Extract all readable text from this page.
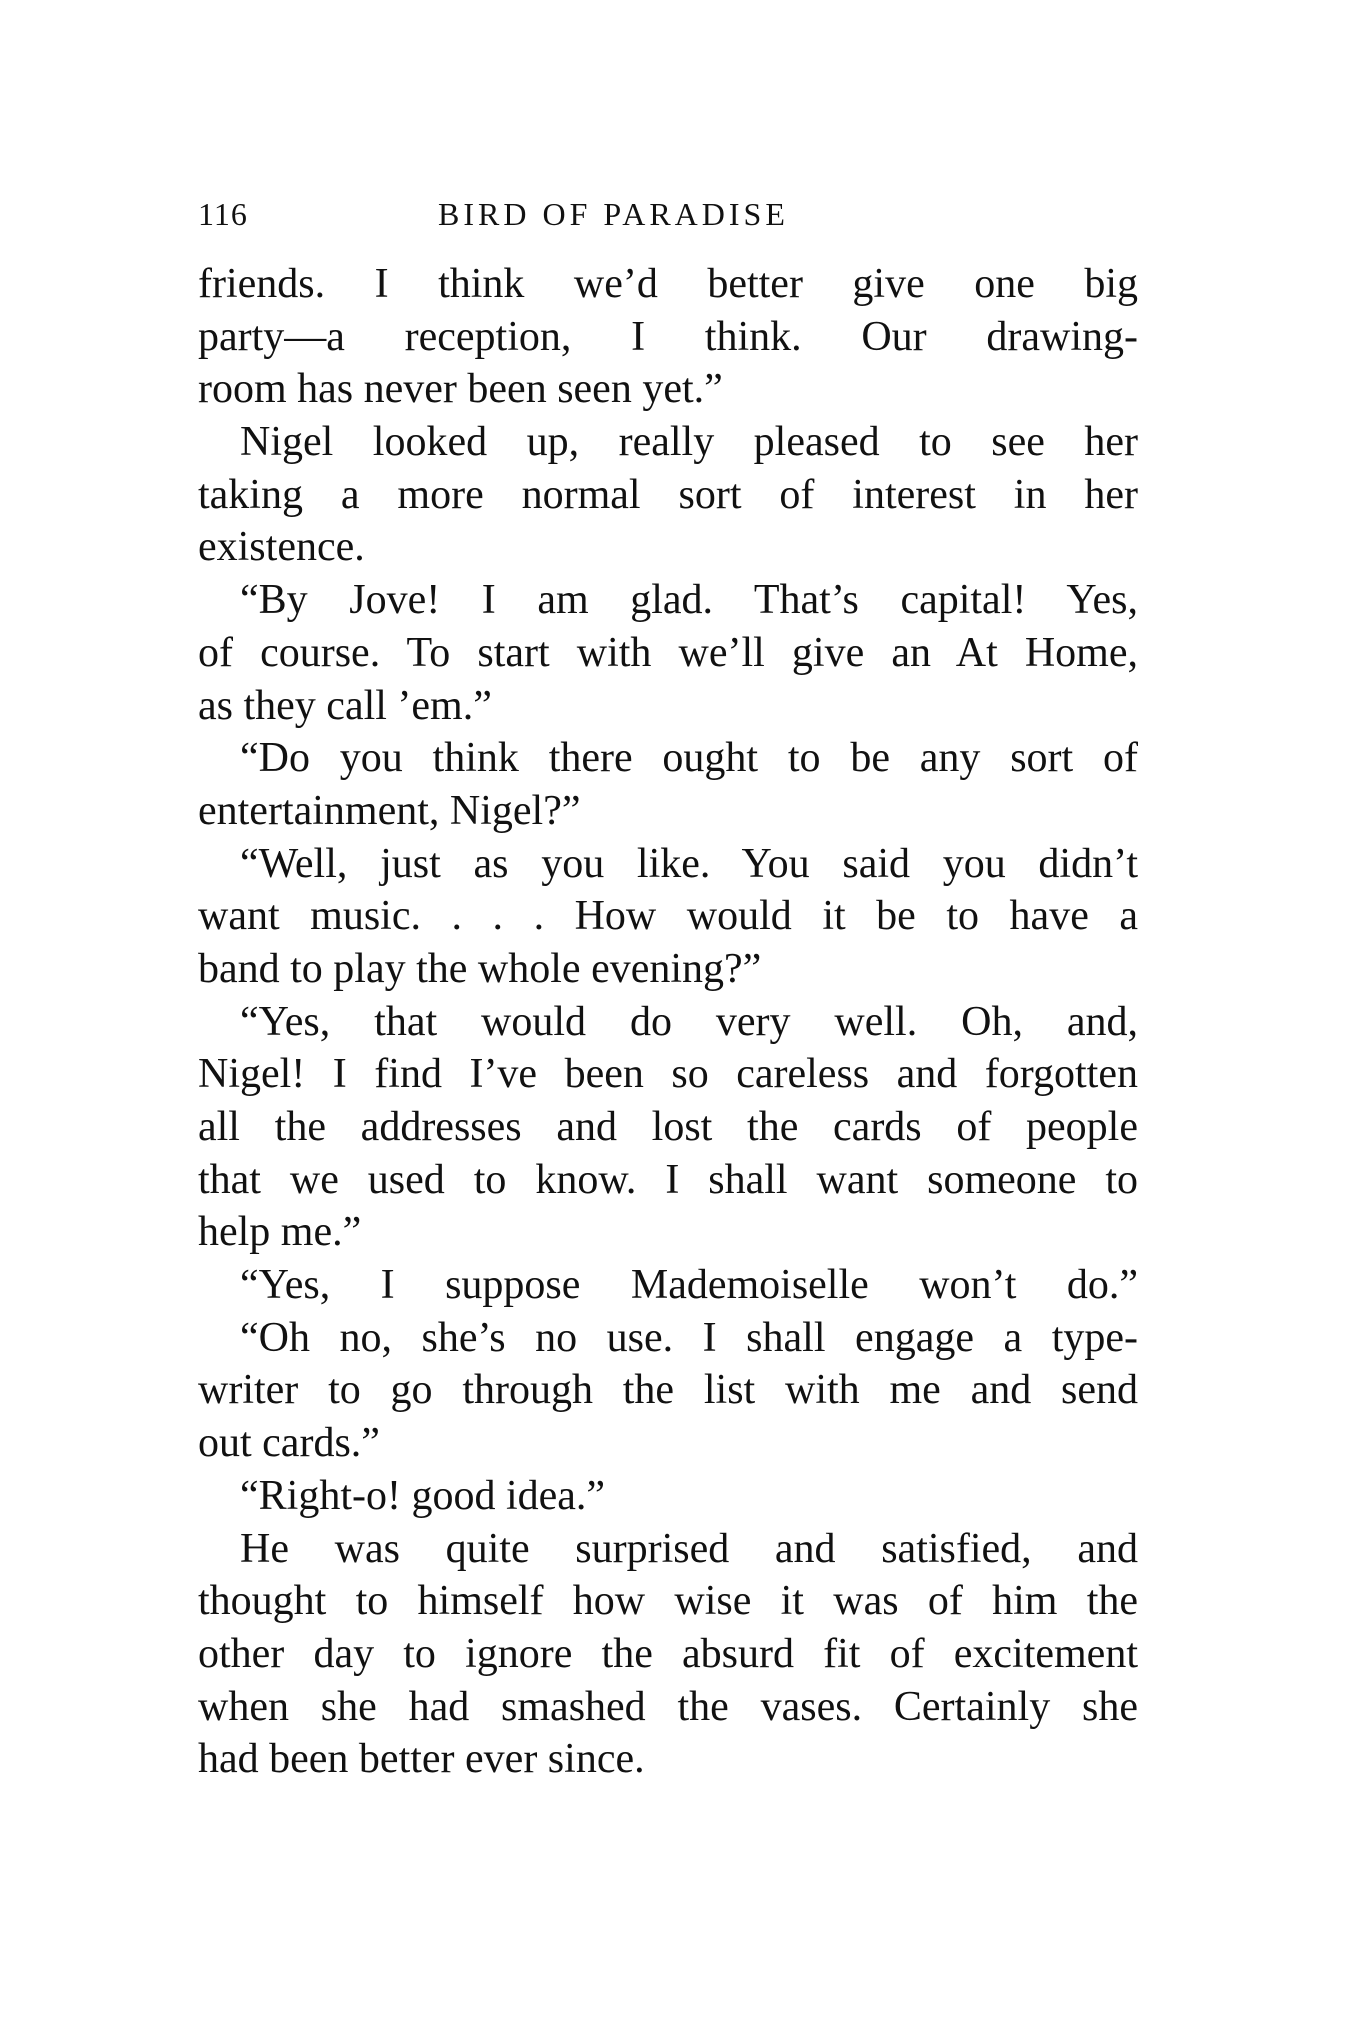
116	BIRD OF PARADISE
friends. I think we’d better give one big
party—a reception, I think. Our drawing-
room has never been seen yet.”
Nigel looked up, really pleased to see her
taking a more normal sort of interest in her
existence.
“By Jove! I am glad. That’s capital! Yes,
of course. To start with we’ll give an At Home,
as they call ’em.”
“Do you think there ought to be any sort of
entertainment, Nigel?”
“Well, just as you like. You said you didn’t
want music. . . . How would it be to have a
band to play the whole evening?”
“Yes, that would do very well. Oh, and,
Nigel! I find I’ve been so careless and forgotten
all the addresses and lost the cards of people
that we used to know. I shall want someone to
help me.”
“Yes, I suppose Mademoiselle won’t do.”
“Oh no, she’s no use. I shall engage a type-
writer to go through the list with me and send
out cards.”
“Right-o! good idea.”
He was quite surprised and satisfied, and
thought to himself how wise it was of him the
other day to ignore the absurd fit of excitement
when she had smashed the vases. Certainly she
had been better ever since.
